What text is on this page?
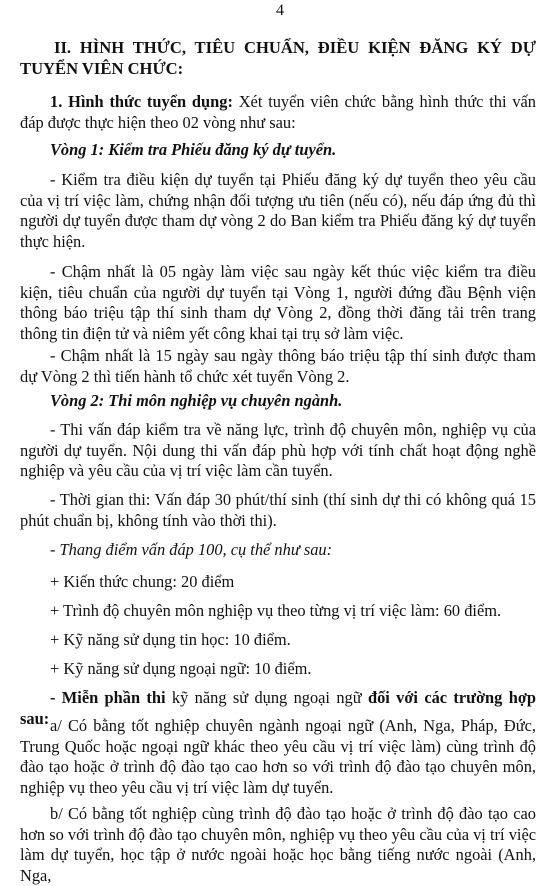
4
II. HÌNH THỨC, TIÊU CHUẨN, ĐIỀU KIỆN ĐĂNG KÝ DỰ TUYỂN VIÊN CHỨC:
1. Hình thức tuyển dụng: Xét tuyển viên chức bằng hình thức thi vấn đáp được thực hiện theo 02 vòng như sau:
Vòng 1: Kiểm tra Phiếu đăng ký dự tuyển.
- Kiểm tra điều kiện dự tuyển tại Phiếu đăng ký dự tuyển theo yêu cầu của vị trí việc làm, chứng nhận đối tượng ưu tiên (nếu có), nếu đáp ứng đủ thì người dự tuyển được tham dự vòng 2 do Ban kiểm tra Phiếu đăng ký dự tuyển thực hiện.
- Chậm nhất là 05 ngày làm việc sau ngày kết thúc việc kiểm tra điều kiện, tiêu chuẩn của người dự tuyển tại Vòng 1, người đứng đầu Bệnh viện thông báo triệu tập thí sinh tham dự Vòng 2, đồng thời đăng tải trên trang thông tin điện tử và niêm yết công khai tại trụ sở làm việc.
- Chậm nhất là 15 ngày sau ngày thông báo triệu tập thí sinh được tham dự Vòng 2 thì tiến hành tổ chức xét tuyển Vòng 2.
Vòng 2: Thi môn nghiệp vụ chuyên ngành.
- Thi vấn đáp kiểm tra về năng lực, trình độ chuyên môn, nghiệp vụ của người dự tuyển. Nội dung thi vấn đáp phù hợp với tính chất hoạt động nghề nghiệp và yêu cầu của vị trí việc làm cần tuyển.
- Thời gian thi: Vấn đáp 30 phút/thí sinh (thí sinh dự thi có không quá 15 phút chuẩn bị, không tính vào thời thi).
- Thang điểm vấn đáp 100, cụ thể như sau:
+ Kiến thức chung: 20 điểm
+ Trình độ chuyên môn nghiệp vụ theo từng vị trí việc làm: 60 điểm.
+ Kỹ năng sử dụng tin học: 10 điểm.
+ Kỹ năng sử dụng ngoại ngữ: 10 điểm.
- Miễn phần thi kỹ năng sử dụng ngoại ngữ đối với các trường hợp sau: a/ Có bằng tốt nghiệp chuyên ngành ngoại ngữ (Anh, Nga, Pháp, Đức, Trung Quốc hoặc ngoại ngữ khác theo yêu cầu vị trí việc làm) cùng trình độ đào tạo hoặc ở trình độ đào tạo cao hơn so với trình độ đào tạo chuyên môn, nghiệp vụ theo yêu cầu vị trí việc làm dự tuyển.
b/ Có bằng tốt nghiệp cùng trình độ đào tạo hoặc ở trình độ đào tạo cao hơn so với trình độ đào tạo chuyên môn, nghiệp vụ theo yêu cầu của vị trí việc làm dự tuyển, học tập ở nước ngoài hoặc học bằng tiếng nước ngoài (Anh, Nga,
